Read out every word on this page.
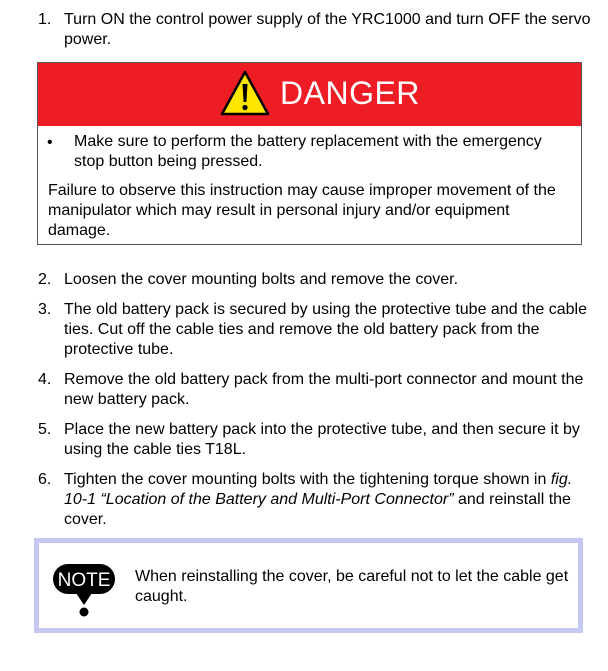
1. Turn ON the control power supply of the YRC1000 and turn OFF the servo power.
DANGER
• Make sure to perform the battery replacement with the emergency stop button being pressed.
Failure to observe this instruction may cause improper movement of the manipulator which may result in personal injury and/or equipment damage.
2. Loosen the cover mounting bolts and remove the cover.
3. The old battery pack is secured by using the protective tube and the cable ties. Cut off the cable ties and remove the old battery pack from the protective tube.
4. Remove the old battery pack from the multi-port connector and mount the new battery pack.
5. Place the new battery pack into the protective tube, and then secure it by using the cable ties T18L.
6. Tighten the cover mounting bolts with the tightening torque shown in fig. 10-1 “Location of the Battery and Multi-Port Connector” and reinstall the cover.
NOTE When reinstalling the cover, be careful not to let the cable get caught.
